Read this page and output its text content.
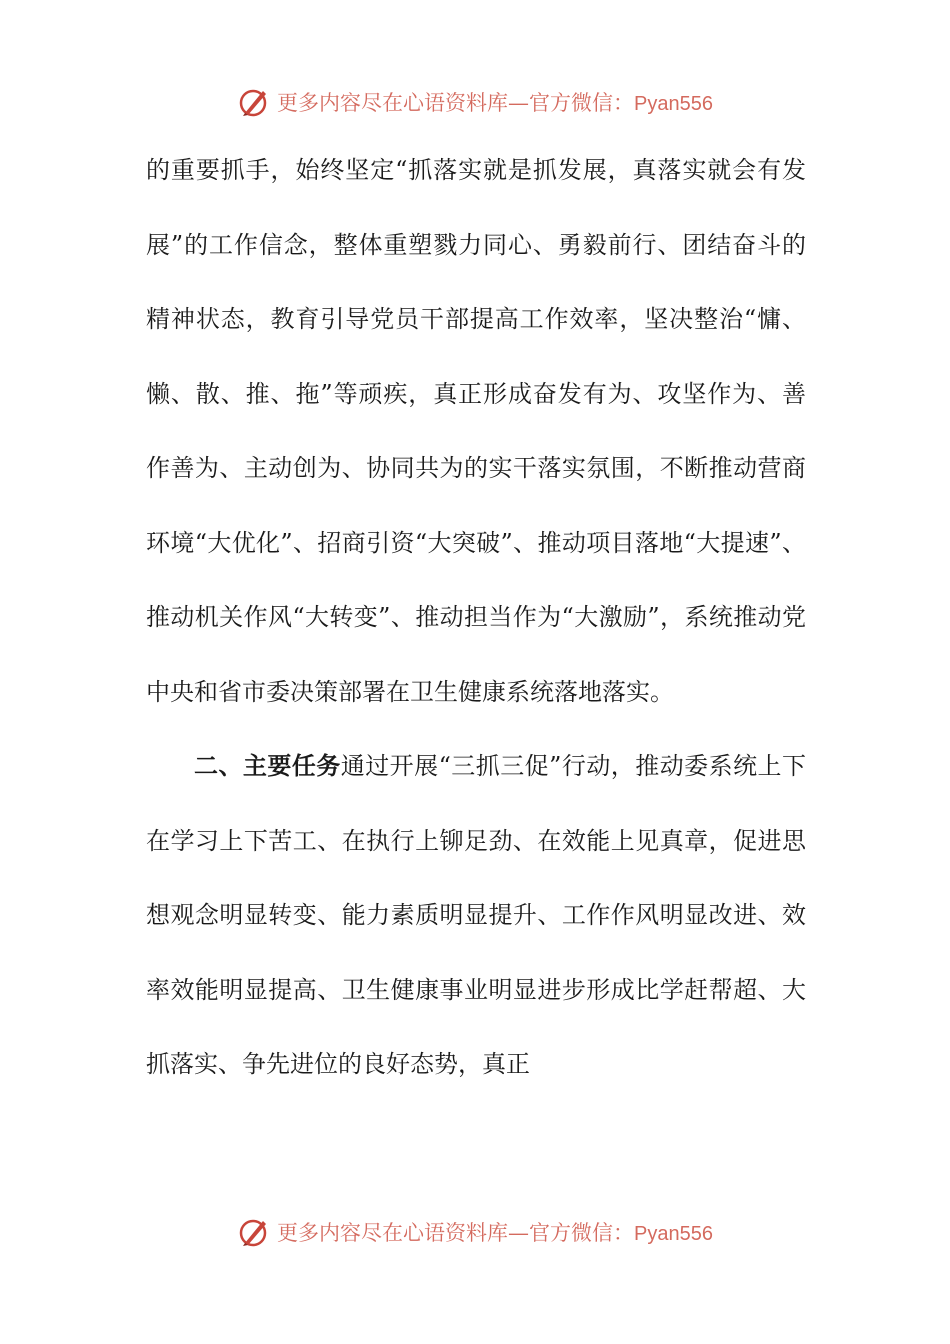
更多内容尽在心语资料库—官方微信：Pyan556

的重要抓手，始终坚定“抓落实就是抓发展，真落实就会有发展”的工作信念，整体重塑戮力同心、勇毅前行、团结奋斗的精神状态，教育引导党员干部提高工作效率，坚决整治“慵、懒、散、推、拖”等顽疾，真正形成奋发有为、攻坚作为、善作善为、主动创为、协同共为的实干落实氛围，不断推动营商环境“大优化”、招商引资“大突破”、推动项目落地“大提速”、推动机关作风“大转变”、推动担当作为“大激励”，系统推动党中央和省市委决策部署在卫生健康系统落地落实。

二、主要任务通过开展“三抓三促”行动，推动委系统上下在学习上下苦工、在执行上铆足劲、在效能上见真章，促进思想观念明显转变、能力素质明显提升、工作作风明显改进、效率效能明显提高、卫生健康事业明显进步形成比学赶帮超、大抓落实、争先进位的良好态势，真正

更多内容尽在心语资料库—官方微信：Pyan556
